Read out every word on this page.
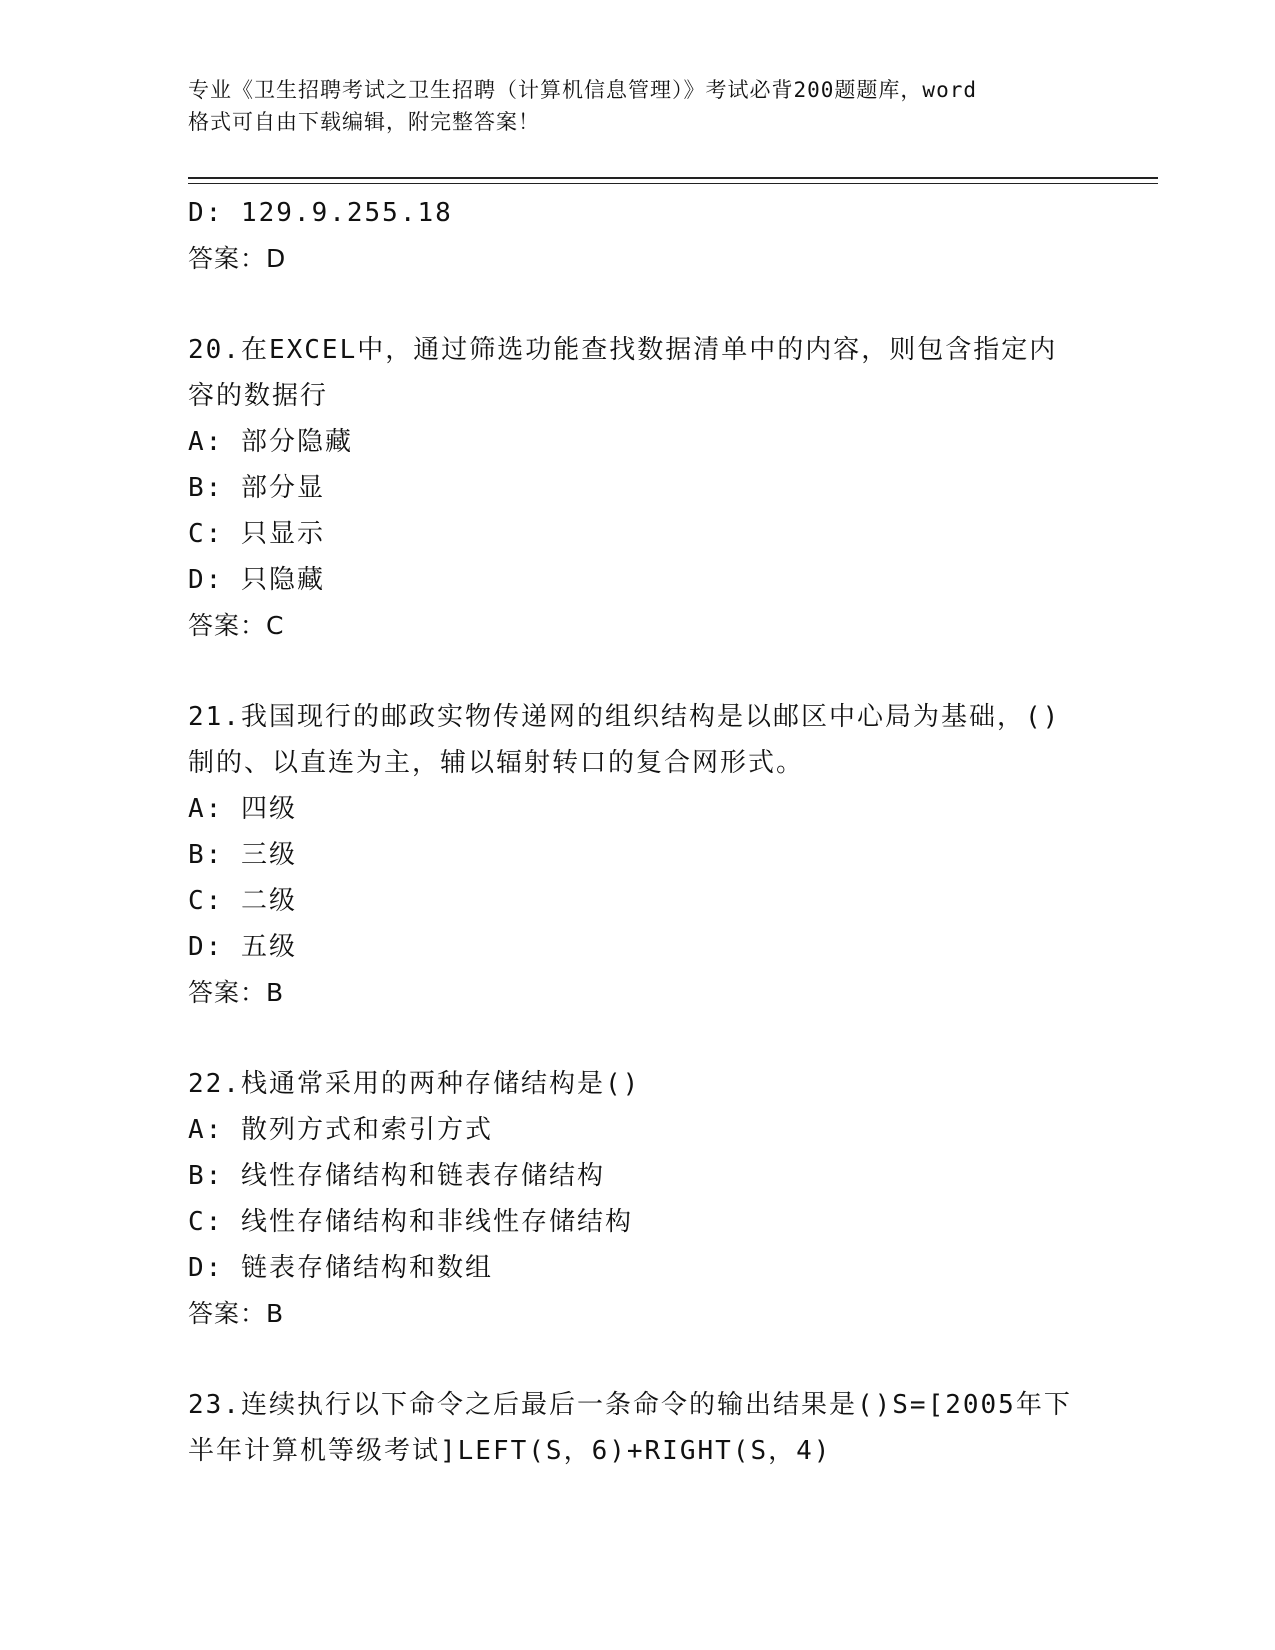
专业《卫生招聘考试之卫生招聘（计算机信息管理）》考试必背200题题库，word
格式可自由下载编辑，附完整答案！
D: 129.9.255.18
答案：D
20.在EXCEL中，通过筛选功能查找数据清单中的内容，则包含指定内
容的数据行
A: 部分隐藏
B: 部分显
C: 只显示
D: 只隐藏
答案：C
21.我国现行的邮政实物传递网的组织结构是以邮区中心局为基础，()
制的、以直连为主，辅以辐射转口的复合网形式。
A: 四级
B: 三级
C: 二级
D: 五级
答案：B
22.栈通常采用的两种存储结构是()
A: 散列方式和索引方式
B: 线性存储结构和链表存储结构
C: 线性存储结构和非线性存储结构
D: 链表存储结构和数组
答案：B
23.连续执行以下命令之后最后一条命令的输出结果是()S=[2005年下
半年计算机等级考试]LEFT(S，6)+RIGHT(S，4)
